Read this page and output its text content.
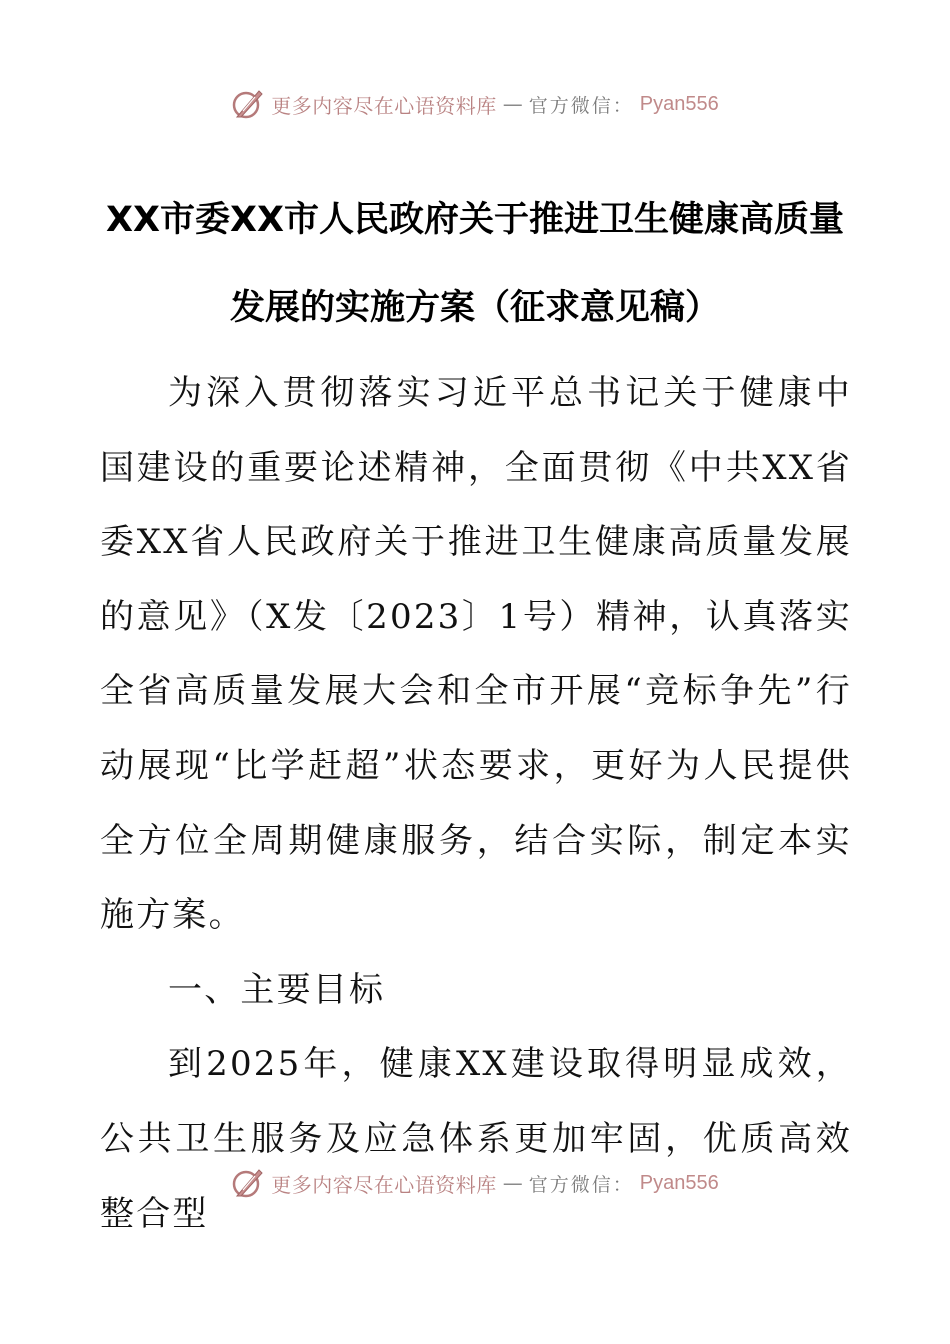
更多内容尽在心语资料库 — 官方微信： Pyan556
XX市委XX市人民政府关于推进卫生健康高质量
发展的实施方案（征求意见稿）

为深入贯彻落实习近平总书记关于健康中国建设的重要论述精神，全面贯彻《中共XX省委XX省人民政府关于推进卫生健康高质量发展的意见》（X发〔2023〕1号）精神，认真落实全省高质量发展大会和全市开展“竞标争先”行动展现“比学赶超”状态要求，更好为人民提供全方位全周期健康服务，结合实际，制定本实施方案。

一、主要目标

到2025年，健康XX建设取得明显成效，公共卫生服务及应急体系更加牢固，优质高效整合型

更多内容尽在心语资料库 — 官方微信： Pyan556
